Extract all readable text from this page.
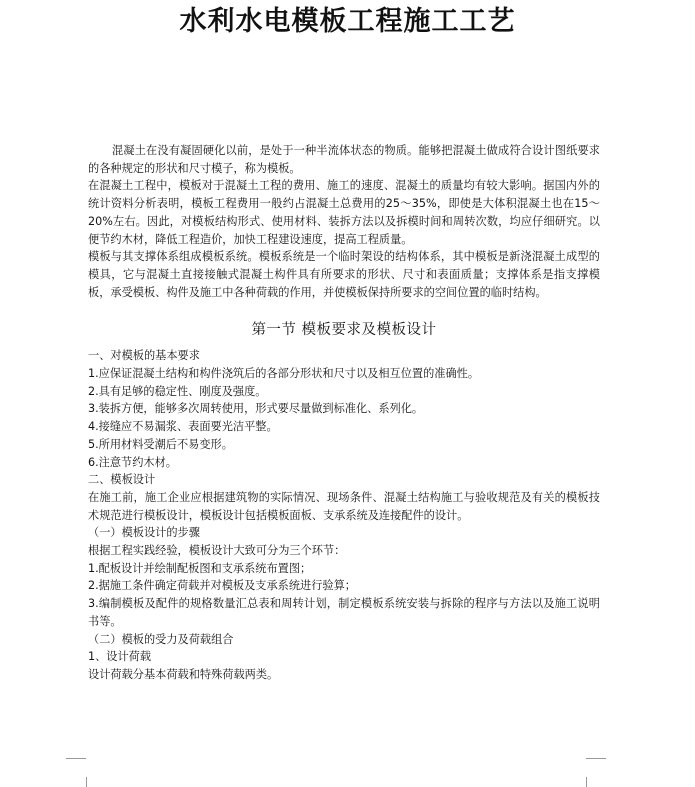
水利水电模板工程施工工艺

混凝土在没有凝固硬化以前，是处于一种半流体状态的物质。能够把混凝土做成符合设计图纸要求的各种规定的形状和尺寸模子，称为模板。

在混凝土工程中，模板对于混凝土工程的费用、施工的速度、混凝土的质量均有较大影响。据国内外的统计资料分析表明，模板工程费用一般约占混凝土总费用的25～35%，即使是大体积混凝土也在15～20%左右。因此，对模板结构形式、使用材料、装拆方法以及拆模时间和周转次数，均应仔细研究。以便节约木材，降低工程造价，加快工程建设速度，提高工程质量。

模板与其支撑体系组成模板系统。模板系统是一个临时架设的结构体系，其中模板是新浇混凝土成型的模具，它与混凝土直接接触式混凝土构件具有所要求的形状、尺寸和表面质量；支撑体系是指支撑模板，承受模板、构件及施工中各种荷载的作用，并使模板保持所要求的空间位置的临时结构。

第一节 模板要求及模板设计

一、对模板的基本要求

1.应保证混凝土结构和构件浇筑后的各部分形状和尺寸以及相互位置的准确性。

2.具有足够的稳定性、刚度及强度。

3.装拆方便，能够多次周转使用，形式要尽量做到标准化、系列化。

4.接缝应不易漏浆、表面要光洁平整。

5.所用材料受潮后不易变形。

6.注意节约木材。

二、模板设计

在施工前，施工企业应根据建筑物的实际情况、现场条件、混凝土结构施工与验收规范及有关的模板技术规范进行模板设计，模板设计包括模板面板、支承系统及连接配件的设计。

（一）模板设计的步骤

根据工程实践经验，模板设计大致可分为三个环节：

1.配板设计并绘制配板图和支承系统布置图；

2.据施工条件确定荷载并对模板及支承系统进行验算；

3.编制模板及配件的规格数量汇总表和周转计划，制定模板系统安装与拆除的程序与方法以及施工说明书等。

（二）模板的受力及荷载组合

1、设计荷载

设计荷载分基本荷载和特殊荷载两类。
